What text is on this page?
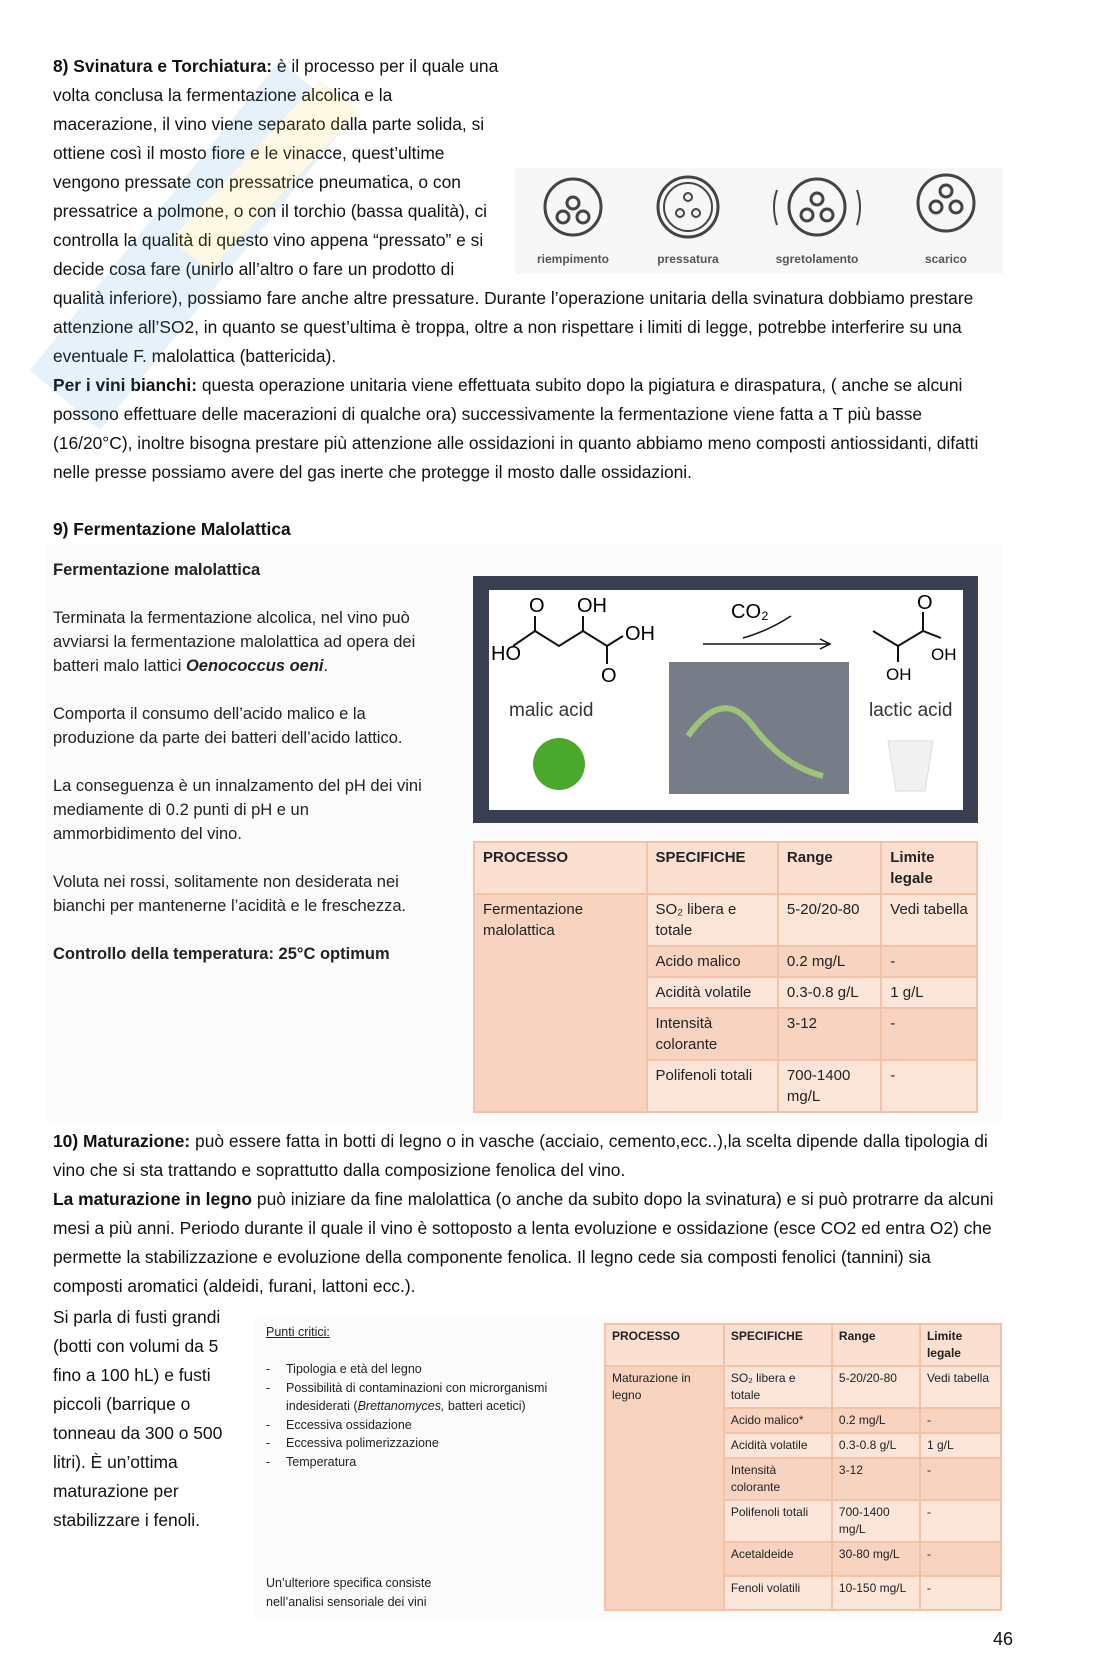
riempimento	pressatura	sgretolamento	scarico
8) Svinatura e Torchiatura: è il processo per il quale una volta conclusa la fermentazione alcolica e la macerazione, il vino viene separato dalla parte solida, si ottiene così il mosto fiore e le vinacce, quest’ultime vengono pressate con pressatrice pneumatica, o con pressatrice a polmone, o con il torchio (bassa qualità), ci controlla la qualità di questo vino appena “pressato” e si decide cosa fare (unirlo all’altro o fare un prodotto di qualità inferiore), possiamo fare anche altre pressature. Durante l’operazione unitaria della svinatura dobbiamo prestare attenzione all’SO2, in quanto se quest’ultima è troppa, oltre a non rispettare i limiti di legge, potrebbe interferire su una eventuale F. malolattica (battericida).
Per i vini bianchi: questa operazione unitaria viene effettuata subito dopo la pigiatura e diraspatura, ( anche se alcuni possono effettuare delle macerazioni di qualche ora) successivamente la fermentazione viene fatta a T più basse (16/20°C), inoltre bisogna prestare più attenzione alle ossidazioni in quanto abbiamo meno composti antiossidanti, difatti nelle presse possiamo avere del gas inerte che protegge il mosto dalle ossidazioni.
9) Fermentazione Malolattica
Fermentazione malolattica

Terminata la fermentazione alcolica, nel vino può avviarsi la fermentazione malolattica ad opera dei batteri malo lattici Oenococcus oeni.

Comporta il consumo dell’acido malico e la produzione da parte dei batteri dell’acido lattico.

La conseguenza è un innalzamento del pH dei vini mediamente di 0.2 punti di pH e un ammorbidimento del vino.

Voluta nei rossi, solitamente non desiderata nei bianchi per mantenerne l’acidità e le freschezza.

Controllo della temperatura: 25°C optimum
O OH
OH
HO
O
malic acid
CO₂	O
OH
OH
lactic acid
PROCESSO	SPECIFICHE	Range	Limite legale
Fermentazione malolattica	SO₂ libera e totale	5-20/20-80	Vedi tabella
	Acido malico	0.2 mg/L	-
	Acidità volatile	0.3-0.8 g/L	1 g/L
	Intensità colorante	3-12	-
	Polifenoli totali	700-1400 mg/L	-
10) Maturazione: può essere fatta in botti di legno o in vasche (acciaio, cemento,ecc..),la scelta dipende dalla tipologia di vino che si sta trattando e soprattutto dalla composizione fenolica del vino.
La maturazione in legno può iniziare da fine malolattica (o anche da subito dopo la svinatura) e si può protrarre da alcuni mesi a più anni. Periodo durante il quale il vino è sottoposto a lenta evoluzione e ossidazione (esce CO2 ed entra O2) che permette la stabilizzazione e evoluzione della componente fenolica. Il legno cede sia composti fenolici (tannini) sia composti aromatici (aldeidi, furani, lattoni ecc.).
Si parla di fusti grandi (botti con volumi da 5 fino a 100 hL) e fusti piccoli (barrique o tonneau da 300 o 500 litri). È un’ottima maturazione per stabilizzare i fenoli.
Punti critici:

- Tipologia e età del legno
- Possibilità di contaminazioni con microrganismi indesiderati (Brettanomyces, batteri acetici)
- Eccessiva ossidazione
- Eccessiva polimerizzazione
- Temperatura
Un’ulteriore specifica consiste nell’analisi sensoriale dei vini
PROCESSO	SPECIFICHE	Range	Limite legale
Maturazione in legno	SO₂ libera e totale	5-20/20-80	Vedi tabella
	Acido malico*	0.2 mg/L	-
	Acidità volatile	0.3-0.8 g/L	1 g/L
	Intensità colorante	3-12	-
	Polifenoli totali	700-1400 mg/L	-
	Acetaldeide	30-80 mg/L	-
	Fenoli volatili	10-150 mg/L	-
46
